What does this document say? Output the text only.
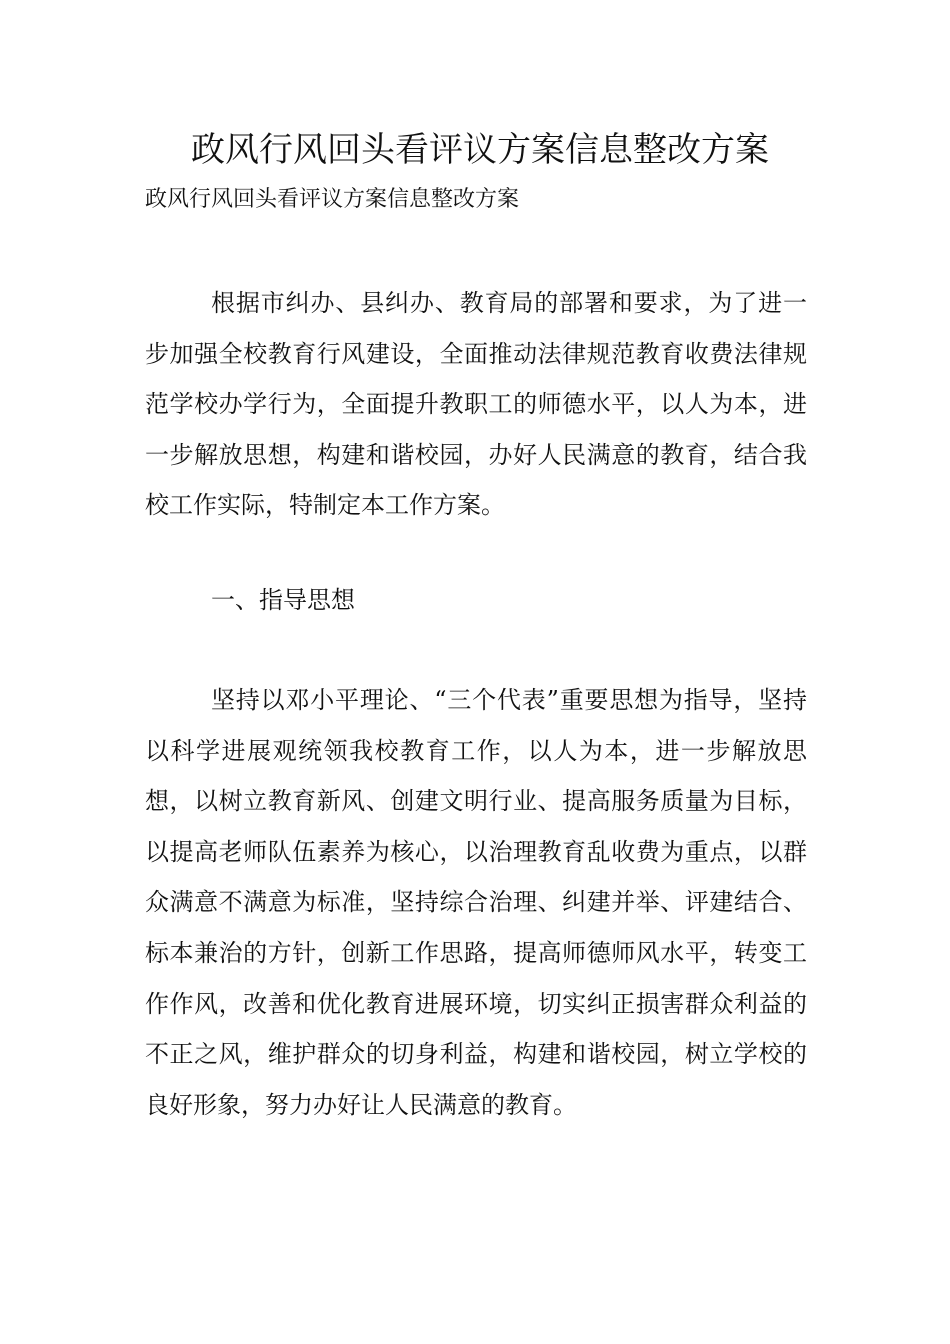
政风行风回头看评议方案信息整改方案

政风行风回头看评议方案信息整改方案

根据市纠办、县纠办、教育局的部署和要求，为了进一步加强全校教育行风建设，全面推动法律规范教育收费法律规范学校办学行为，全面提升教职工的师德水平，以人为本，进一步解放思想，构建和谐校园，办好人民满意的教育，结合我校工作实际，特制定本工作方案。

一、指导思想

坚持以邓小平理论、“三个代表”重要思想为指导，坚持以科学进展观统领我校教育工作，以人为本，进一步解放思想，以树立教育新风、创建文明行业、提高服务质量为目标，以提高老师队伍素养为核心，以治理教育乱收费为重点，以群众满意不满意为标准，坚持综合治理、纠建并举、评建结合、标本兼治的方针，创新工作思路，提高师德师风水平，转变工作作风，改善和优化教育进展环境，切实纠正损害群众利益的不正之风，维护群众的切身利益，构建和谐校园，树立学校的良好形象，努力办好让人民满意的教育。
